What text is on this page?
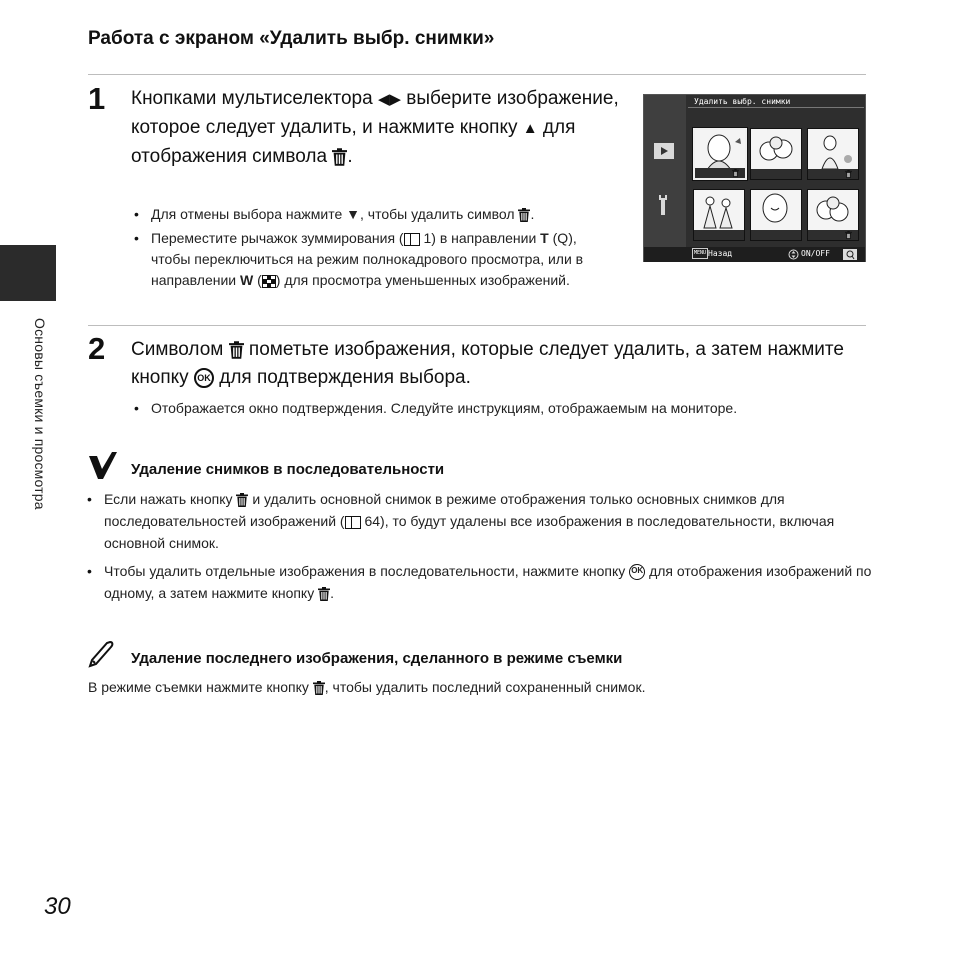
Основы съемки и просмотра
Работа с экраном «Удалить выбр. снимки»
1 Кнопками мультиселектора ◀▶ выберите изображение, которое следует удалить, и нажмите кнопку ▲ для отображения символа .
• Для отмены выбора нажмите ▼, чтобы удалить символ .
• Переместите рычажок зуммирования ( 1) в направлении T (Q), чтобы переключиться на режим полнокадрового просмотра, или в направлении W ( ) для просмотра уменьшенных изображений.
Удалить выбр. снимки
MENU Назад	ON/OFF
2 Символом пометьте изображения, которые следует удалить, а затем нажмите кнопку OK для подтверждения выбора.
• Отображается окно подтверждения. Следуйте инструкциям, отображаемым на мониторе.
Удаление снимков в последовательности
• Если нажать кнопку и удалить основной снимок в режиме отображения только основных снимков для последовательностей изображений ( 64), то будут удалены все изображения в последовательности, включая основной снимок.
• Чтобы удалить отдельные изображения в последовательности, нажмите кнопку OK для отображения изображений по одному, а затем нажмите кнопку .
Удаление последнего изображения, сделанного в режиме съемки
В режиме съемки нажмите кнопку , чтобы удалить последний сохраненный снимок.
30
